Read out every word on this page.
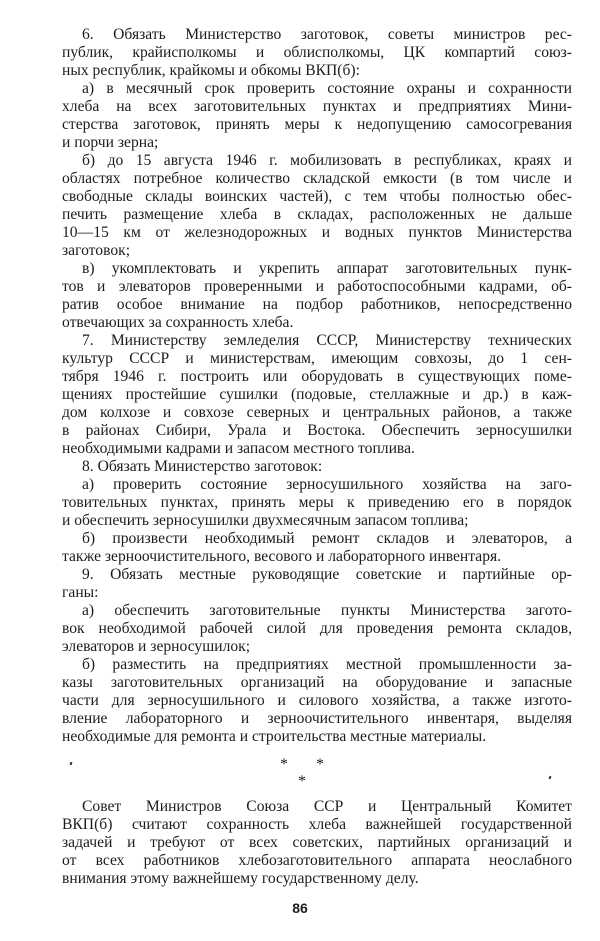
6. Обязать Министерство заготовок, советы министров рес-
публик, крайисполкомы и облисполкомы, ЦК компартий союз-
ных республик, крайкомы и обкомы ВКП(б):
а) в месячный срок проверить состояние охраны и сохранности
хлеба на всех заготовительных пунктах и предприятиях Мини-
стерства заготовок, принять меры к недопущению самосогревания
и порчи зерна;
б) до 15 августа 1946 г. мобилизовать в республиках, краях и
областях потребное количество складской емкости (в том числе и
свободные склады воинских частей), с тем чтобы полностью обес-
печить размещение хлеба в складах, расположенных не дальше
10—15 км от железнодорожных и водных пунктов Министерства
заготовок;
в) укомплектовать и укрепить аппарат заготовительных пунк-
тов и элеваторов проверенными и работоспособными кадрами, об-
ратив особое внимание на подбор работников, непосредственно
отвечающих за сохранность хлеба.
7. Министерству земледелия СССР, Министерству технических
культур СССР и министерствам, имеющим совхозы, до 1 сен-
тября 1946 г. построить или оборудовать в существующих поме-
щениях простейшие сушилки (подовые, стеллажные и др.) в каж-
дом колхозе и совхозе северных и центральных районов, а также
в районах Сибири, Урала и Востока. Обеспечить зерносушилки
необходимыми кадрами и запасом местного топлива.
8. Обязать Министерство заготовок:
а) проверить состояние зерносушильного хозяйства на заго-
товительных пунктах, принять меры к приведению его в порядок
и обеспечить зерносушилки двухмесячным запасом топлива;
б) произвести необходимый ремонт складов и элеваторов, а
также зерноочистительного, весового и лабораторного инвентаря.
9. Обязать местные руководящие советские и партийные ор-
ганы:
а) обеспечить заготовительные пункты Министерства загото-
вок необходимой рабочей силой для проведения ремонта складов,
элеваторов и зерносушилок;
б) разместить на предприятиях местной промышленности за-
казы заготовительных организаций на оборудование и запасные
части для зерносушильного и силового хозяйства, а также изгото-
вление лабораторного и зерноочистительного инвентаря, выделяя
необходимые для ремонта и строительства местные материалы.
* *
*
Совет Министров Союза ССР и Центральный Комитет
ВКП(б) считают сохранность хлеба важнейшей государственной
задачей и требуют от всех советских, партийных организаций и
от всех работников хлебозаготовительного аппарата неослабного
внимания этому важнейшему государственному делу.
86
